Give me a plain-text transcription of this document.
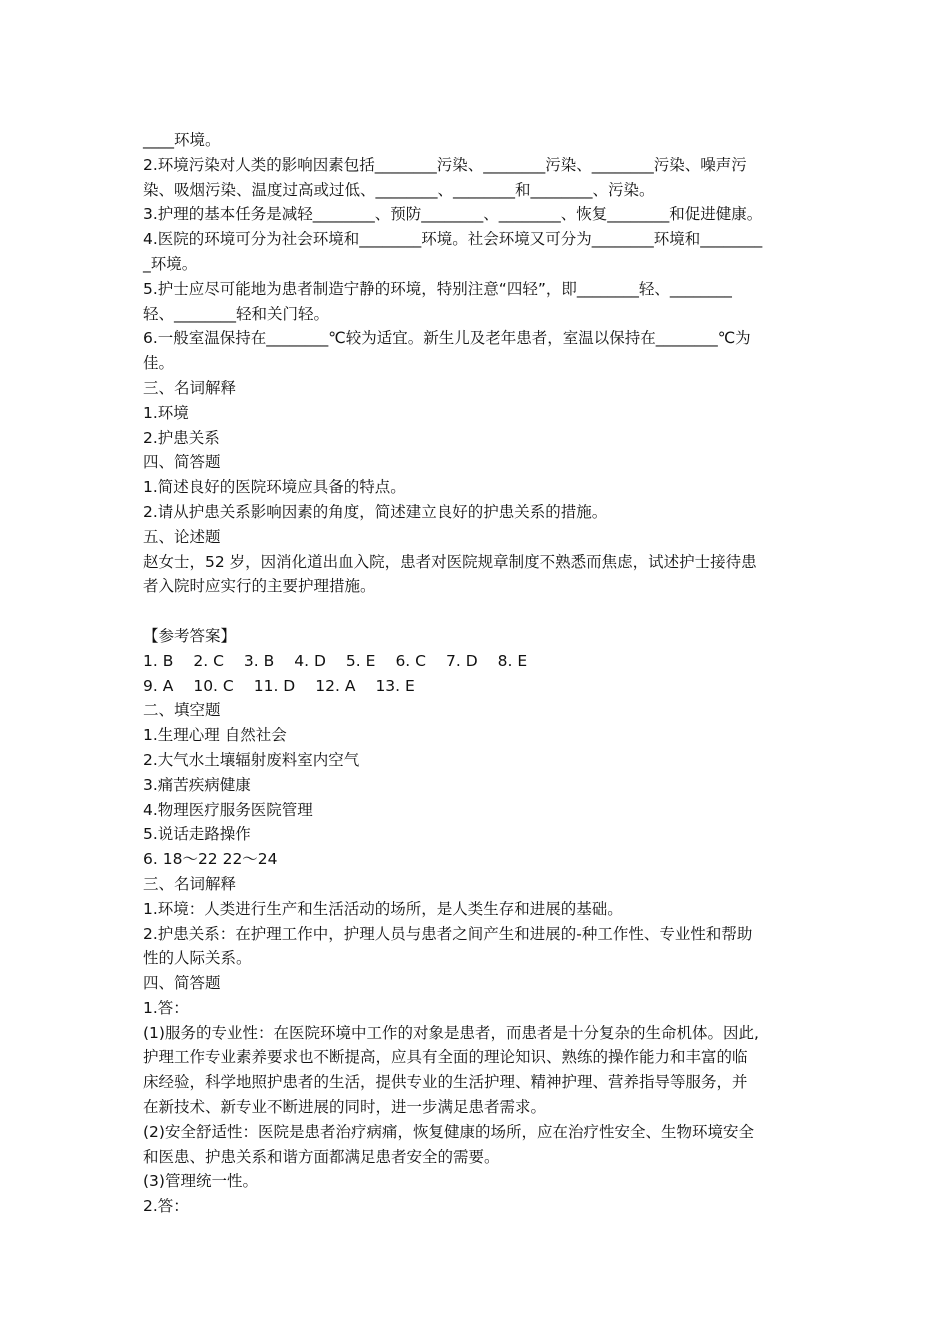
____环境。
2.环境污染对人类的影响因素包括________污染、________污染、________污染、噪声污
染、吸烟污染、温度过高或过低、________、________和________、污染。
3.护理的基本任务是减轻________、预防________、________、恢复________和促进健康。
4.医院的环境可分为社会环境和________环境。社会环境又可分为________环境和________
_环境。
5.护士应尽可能地为患者制造宁静的环境，特别注意“四轻”，即________轻、________
轻、________轻和关门轻。
6.一般室温保持在________℃较为适宜。新生儿及老年患者，室温以保持在________℃为
佳。
三、名词解释
1.环境
2.护患关系
四、简答题
1.简述良好的医院环境应具备的特点。
2.请从护患关系影响因素的角度，简述建立良好的护患关系的措施。
五、论述题
赵女士，52 岁，因消化道出血入院，患者对医院规章制度不熟悉而焦虑，试述护士接待患
者入院时应实行的主要护理措施。
【参考答案】
1. B 2. C 3. B 4. D 5. E 6. C 7. D 8. E
9. A 10. C 11. D 12. A 13. E
二、填空题
1.生理心理 自然社会
2.大气水土壤辐射废料室内空气
3.痛苦疾病健康
4.物理医疗服务医院管理
5.说话走路操作
6. 18～22 22～24
三、名词解释
1.环境：人类进行生产和生活活动的场所，是人类生存和进展的基础。
2.护患关系：在护理工作中，护理人员与患者之间产生和进展的-种工作性、专业性和帮助
性的人际关系。
四、简答题
1.答：
(1)服务的专业性：在医院环境中工作的对象是患者，而患者是十分复杂的生命机体。因此,
护理工作专业素养要求也不断提高，应具有全面的理论知识、熟练的操作能力和丰富的临
床经验，科学地照护患者的生活，提供专业的生活护理、精神护理、营养指导等服务，并
在新技术、新专业不断进展的同时，进一步满足患者需求。
(2)安全舒适性：医院是患者治疗病痛，恢复健康的场所，应在治疗性安全、生物环境安全
和医患、护患关系和谐方面都满足患者安全的需要。
(3)管理统一性。
2.答：
